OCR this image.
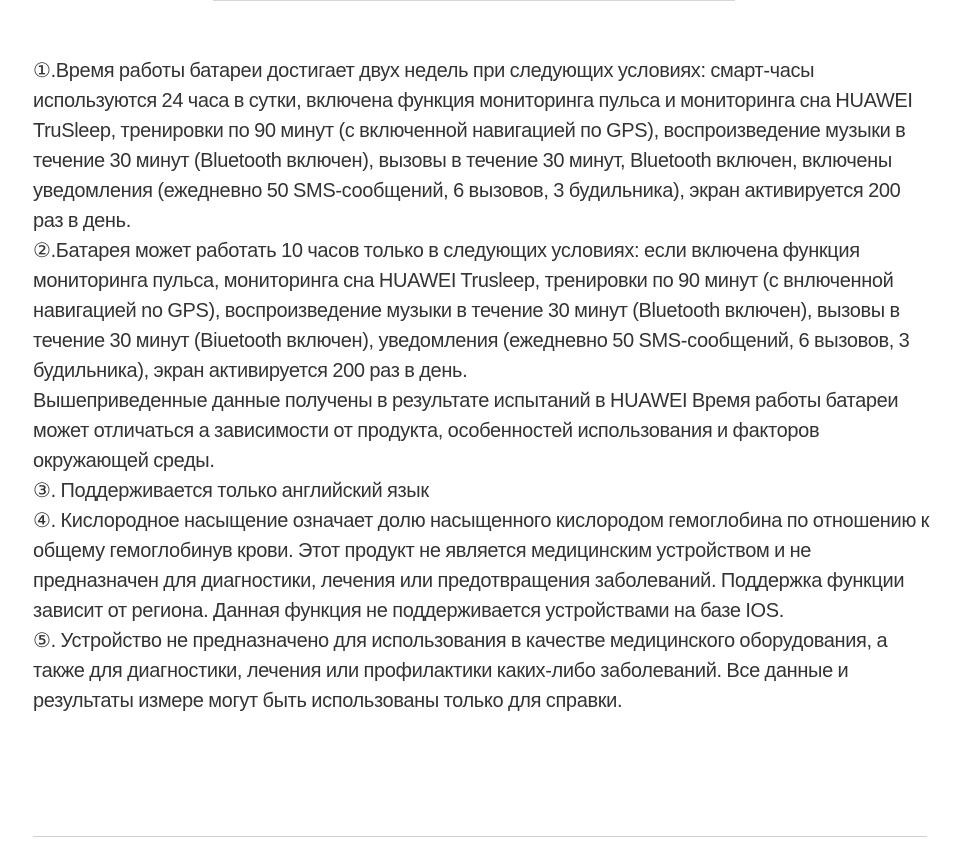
①.Время работы батареи достигает двух недель при следующих условиях: смарт-часы используются 24 часа в сутки, включена функция мониторинга пульса и мониторинга сна HUAWEI TruSleep, тренировки по 90 минут (с включенной навигацией по GPS), воспроизведение музыки в течение 30 минут (Bluetooth включен), вызовы в течение 30 минут, Bluetooth включен, включены уведомления (ежедневно 50 SMS-сообщений, 6 вызовов, 3 будильника), экран активируется 200 раз в день.

②.Батарея может работать 10 часов только в следующих условиях: если включена функция мониторинга пульса, мониторинга сна HUAWEI Trusleep, тренировки по 90 минут (с внлюченной навигацией no GPS), воспроизведение музыки в течение 30 минут (Bluetooth включен), вызовы в течение 30 минут (Biuetooth включен), уведомления (ежедневно 50 SMS-сообщений, 6 вызовов, 3 будильника), экран активируется 200 раз в день.

Вышеприведенные данные получены в результате испытаний в HUAWEI Время работы батареи может отличаться а зависимости от продукта, особенностей использования и факторов окружающей среды.

③. Поддерживается только английский язык

④. Кислородное насыщение означает долю насыщенного кислородом гемоглобина по отношению к общему гемоглобинув крови. Этот продукт не является медицинским устройством и не предназначен для диагностики, лечения или предотвращения заболеваний. Поддержка функции зависит от региона. Данная функция не поддерживается устройствами на базе IOS.

⑤. Устройство не предназначено для использования в качестве медицинского оборудования, а также для диагностики, лечения или профилактики каких-либо заболеваний. Все данные и результаты измере могут быть использованы только для справки.
